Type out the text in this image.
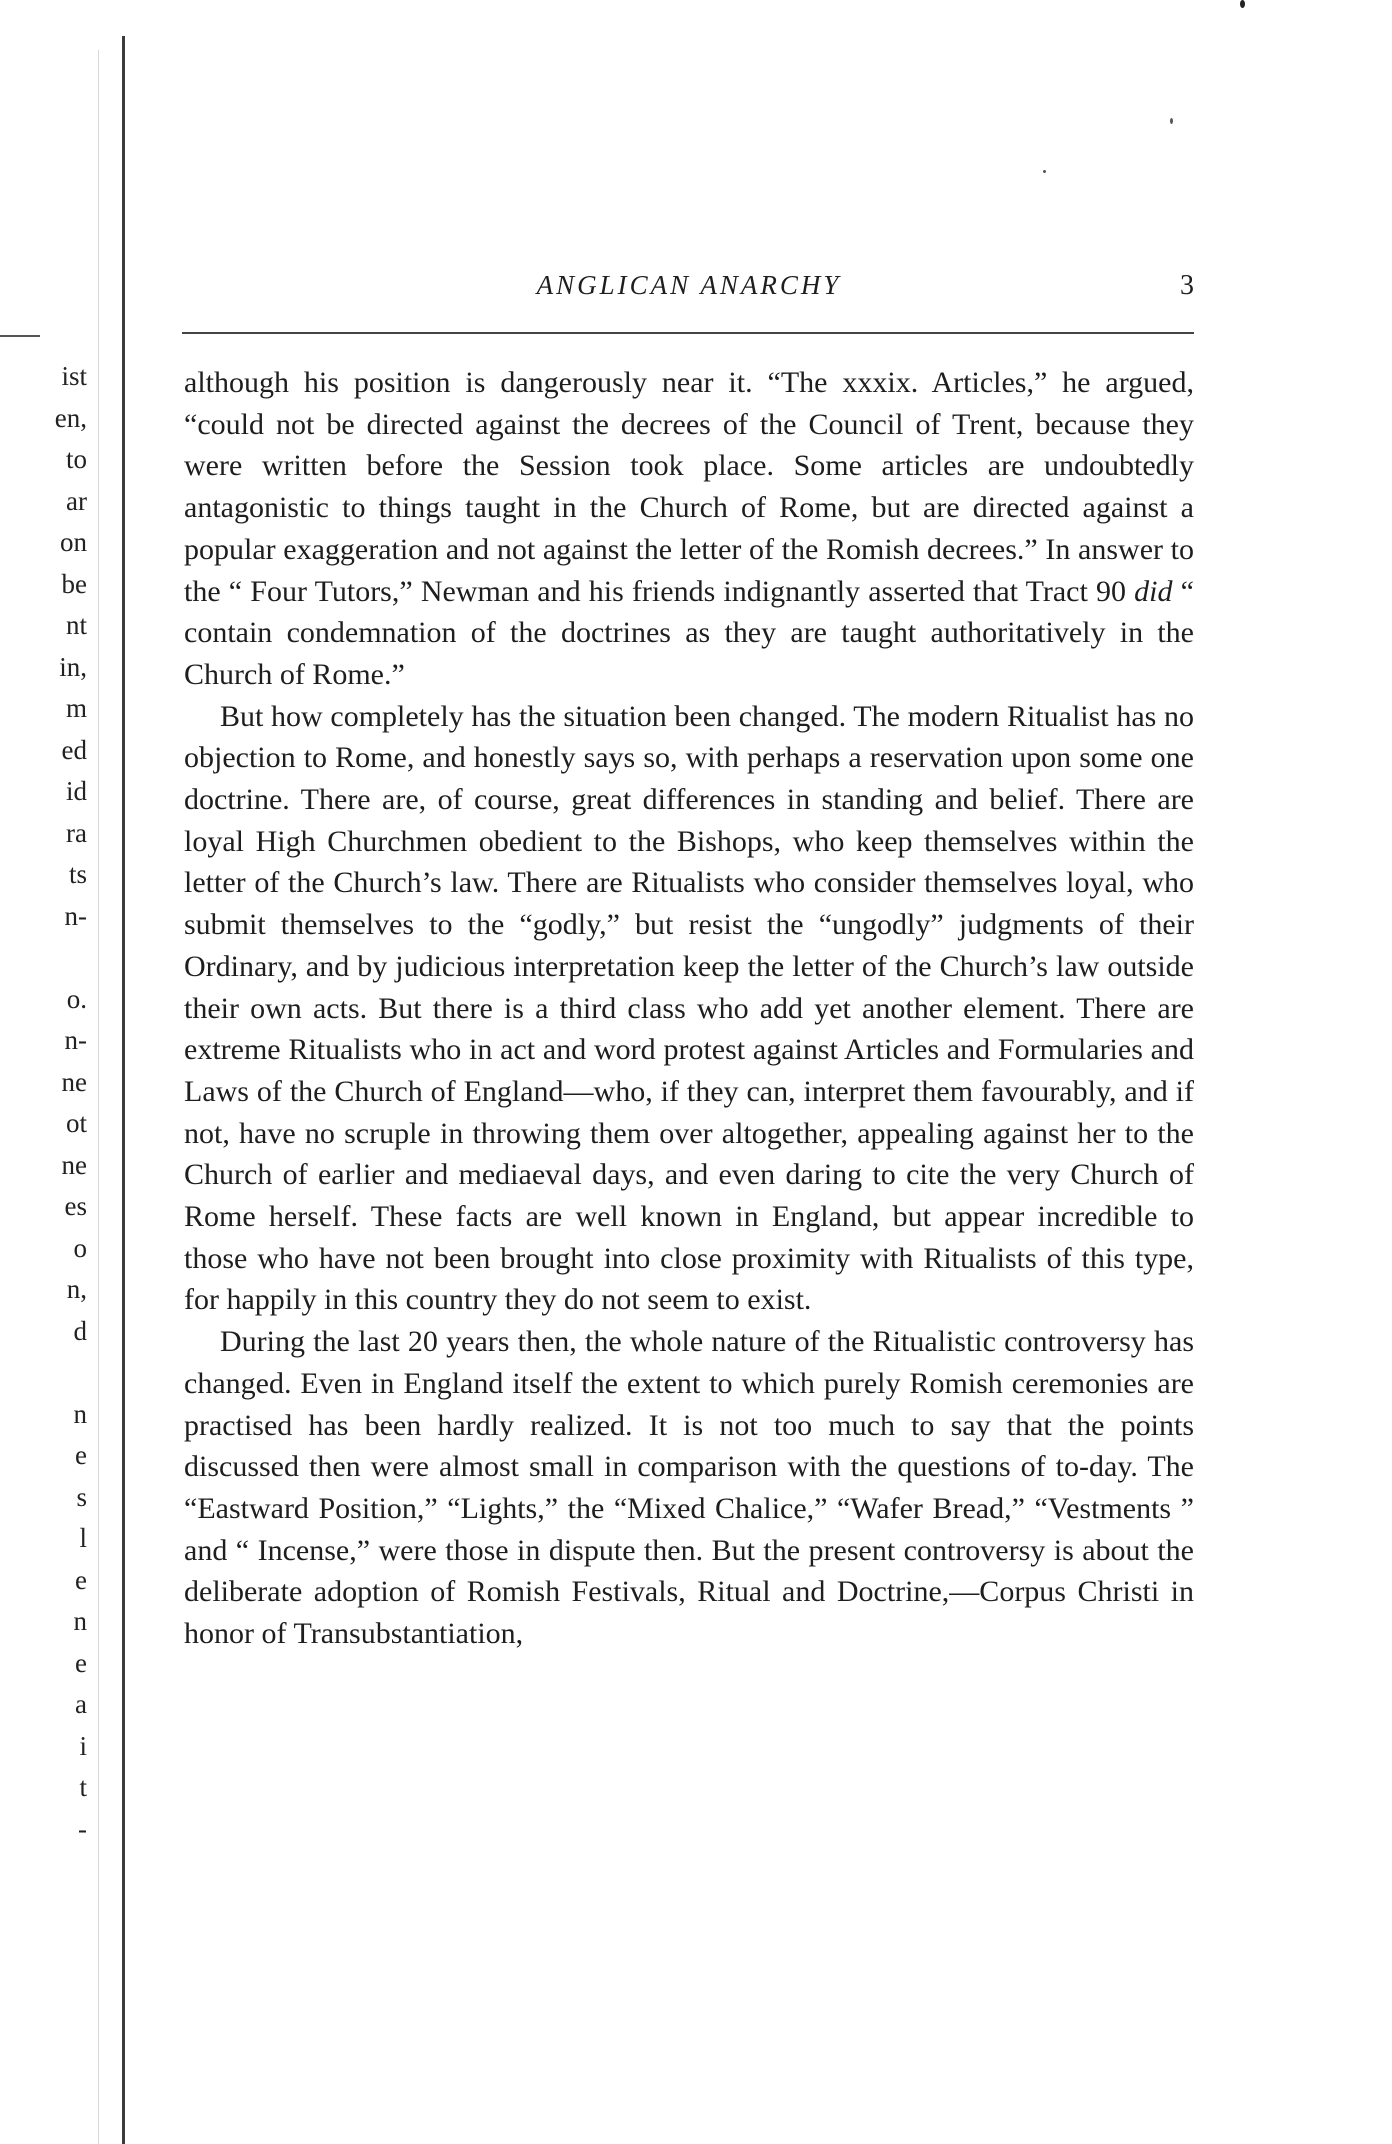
ist

en,

to

ar

on

be

nt

in,

m

ed

id

ra

ts

n-

o.

n-

ne

ot

ne

es

o

n,

d

n

e

s

l

e

n

e

a

i

t

-

ANGLICAN ANARCHY	3

although his position is dangerously near it. “The xxxix. Articles,” he argued, “could not be directed against the decrees of the Council of Trent, because they were written before the Session took place. Some articles are undoubtedly antagonistic to things taught in the Church of Rome, but are directed against a popular exaggeration and not against the letter of the Romish decrees.” In answer to the “ Four Tutors,” Newman and his friends indignantly asserted that Tract 90 did “ contain condemnation of the doctrines as they are taught authoritatively in the Church of Rome.”

But how completely has the situation been changed. The modern Ritualist has no objection to Rome, and honestly says so, with perhaps a reservation upon some one doctrine. There are, of course, great differences in standing and belief. There are loyal High Churchmen obedient to the Bishops, who keep themselves within the letter of the Church’s law. There are Ritualists who consider themselves loyal, who submit themselves to the “godly,” but resist the “ungodly” judgments of their Ordinary, and by judicious interpretation keep the letter of the Church’s law outside their own acts. But there is a third class who add yet another element. There are extreme Ritualists who in act and word protest against Articles and Formularies and Laws of the Church of England—who, if they can, interpret them favourably, and if not, have no scruple in throwing them over altogether, appealing against her to the Church of earlier and mediaeval days, and even daring to cite the very Church of Rome herself. These facts are well known in England, but appear incredible to those who have not been brought into close proximity with Ritualists of this type, for happily in this country they do not seem to exist.

During the last 20 years then, the whole nature of the Ritualistic controversy has changed. Even in England itself the extent to which purely Romish ceremonies are practised has been hardly realized. It is not too much to say that the points discussed then were almost small in comparison with the questions of to-day. The “Eastward Position,” “Lights,” the “Mixed Chalice,” “Wafer Bread,” “Vestments ” and “ Incense,” were those in dispute then. But the present controversy is about the deliberate adoption of Romish Festivals, Ritual and Doctrine,—Corpus Christi in honor of Transubstantiation,
